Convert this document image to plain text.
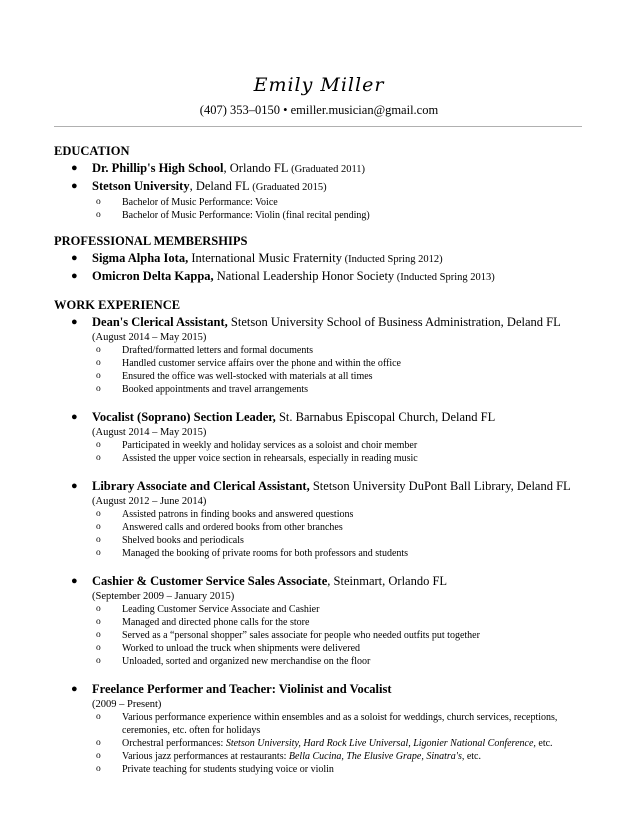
Emily Miller
(407) 353–0150 • emiller.musician@gmail.com
EDUCATION
● Dr. Phillip's High School, Orlando FL (Graduated 2011)
● Stetson University, Deland FL (Graduated 2015)
o Bachelor of Music Performance: Voice
o Bachelor of Music Performance: Violin (final recital pending)
PROFESSIONAL MEMBERSHIPS
● Sigma Alpha Iota, International Music Fraternity (Inducted Spring 2012)
● Omicron Delta Kappa, National Leadership Honor Society (Inducted Spring 2013)
WORK EXPERIENCE
● Dean's Clerical Assistant, Stetson University School of Business Administration, Deland FL
(August 2014 – May 2015)
o Drafted/formatted letters and formal documents
o Handled customer service affairs over the phone and within the office
o Ensured the office was well-stocked with materials at all times
o Booked appointments and travel arrangements
● Vocalist (Soprano) Section Leader, St. Barnabus Episcopal Church, Deland FL
(August 2014 – May 2015)
o Participated in weekly and holiday services as a soloist and choir member
o Assisted the upper voice section in rehearsals, especially in reading music
● Library Associate and Clerical Assistant, Stetson University DuPont Ball Library, Deland FL
(August 2012 – June 2014)
o Assisted patrons in finding books and answered questions
o Answered calls and ordered books from other branches
o Shelved books and periodicals
o Managed the booking of private rooms for both professors and students
● Cashier & Customer Service Sales Associate, Steinmart, Orlando FL
(September 2009 – January 2015)
o Leading Customer Service Associate and Cashier
o Managed and directed phone calls for the store
o Served as a “personal shopper” sales associate for people who needed outfits put together
o Worked to unload the truck when shipments were delivered
o Unloaded, sorted and organized new merchandise on the floor
● Freelance Performer and Teacher: Violinist and Vocalist
(2009 – Present)
o Various performance experience within ensembles and as a soloist for weddings, church services, receptions, ceremonies, etc. often for holidays
o Orchestral performances: Stetson University, Hard Rock Live Universal, Ligonier National Conference, etc.
o Various jazz performances at restaurants: Bella Cucina, The Elusive Grape, Sinatra's, etc.
o Private teaching for students studying voice or violin
